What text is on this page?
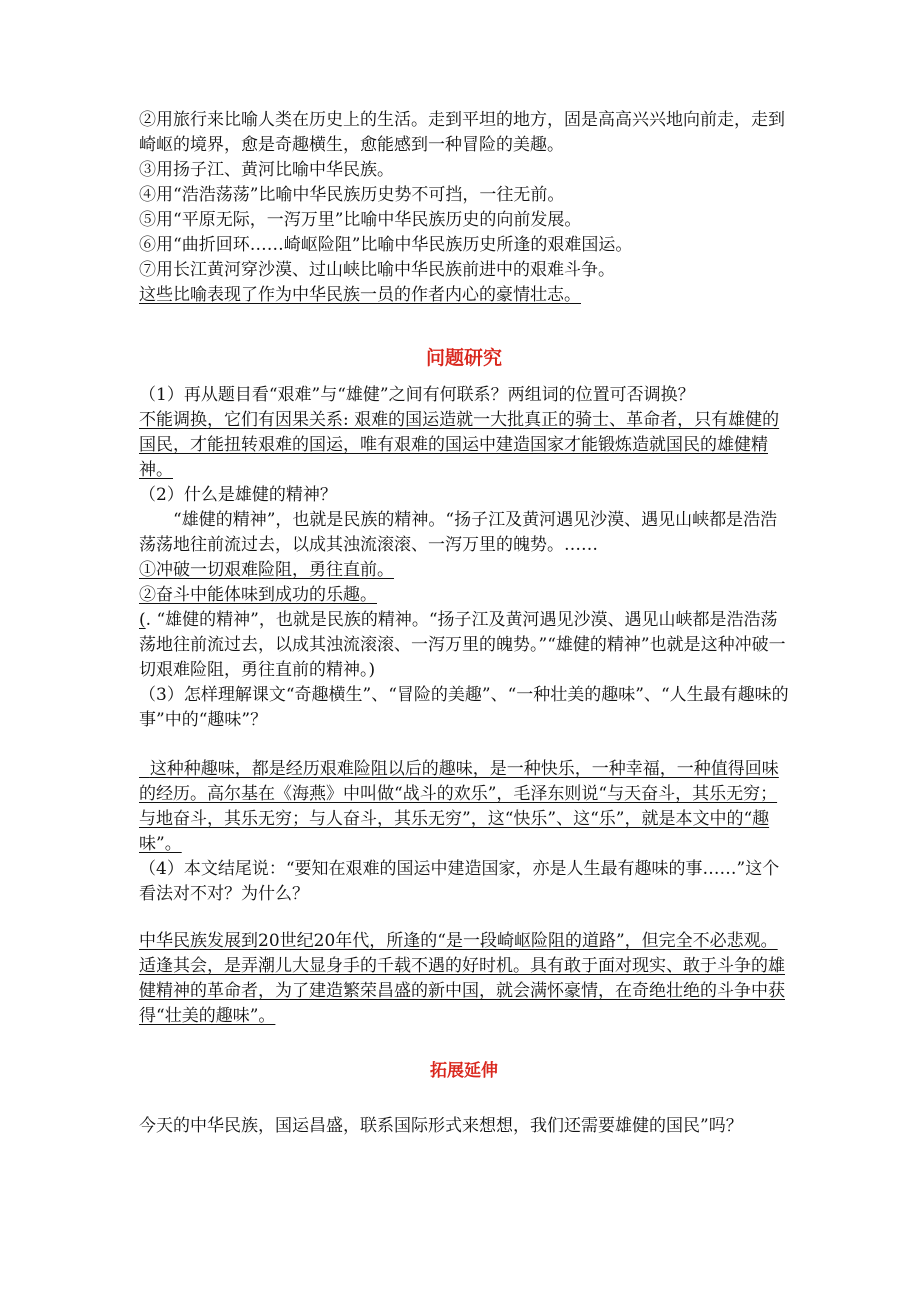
②用旅行来比喻人类在历史上的生活。走到平坦的地方，固是高高兴兴地向前走，走到崎岖的境界，愈是奇趣横生，愈能感到一种冒险的美趣。

③用扬子江、黄河比喻中华民族。

④用“浩浩荡荡”比喻中华民族历史势不可挡，一往无前。

⑤用“平原无际，一泻万里”比喻中华民族历史的向前发展。

⑥用“曲折回环……崎岖险阻”比喻中华民族历史所逢的艰难国运。

⑦用长江黄河穿沙漠、过山峡比喻中华民族前进中的艰难斗争。

这些比喻表现了作为中华民族一员的作者内心的豪情壮志。

问题研究

（1）再从题目看“艰难”与“雄健”之间有何联系？两组词的位置可否调换？

不能调换，它们有因果关系: 艰难的国运造就一大批真正的骑士、革命者，只有雄健的国民，才能扭转艰难的国运，唯有艰难的国运中建造国家才能锻炼造就国民的雄健精神。

（2）什么是雄健的精神？

“雄健的精神”，也就是民族的精神。“扬子江及黄河遇见沙漠、遇见山峡都是浩浩荡荡地往前流过去，以成其浊流滚滚、一泻万里的魄势。……

①冲破一切艰难险阻，勇往直前。

②奋斗中能体味到成功的乐趣。

(. “雄健的精神”，也就是民族的精神。“扬子江及黄河遇见沙漠、遇见山峡都是浩浩荡荡地往前流过去，以成其浊流滚滚、一泻万里的魄势。”“雄健的精神”也就是这种冲破一切艰难险阻，勇往直前的精神。)

（3）怎样理解课文“奇趣横生”、“冒险的美趣”、“一种壮美的趣味”、“人生最有趣味的事”中的“趣味”？

这种种趣味，都是经历艰难险阻以后的趣味，是一种快乐，一种幸福，一种值得回味的经历。高尔基在《海燕》中叫做“战斗的欢乐”，毛泽东则说“与天奋斗，其乐无穷；与地奋斗，其乐无穷；与人奋斗，其乐无穷”，这“快乐”、这“乐”，就是本文中的“趣味”。

（4）本文结尾说：“要知在艰难的国运中建造国家，亦是人生最有趣味的事……”这个看法对不对？为什么？

中华民族发展到20世纪20年代，所逢的“是一段崎岖险阻的道路”，但完全不必悲观。适逢其会，是弄潮儿大显身手的千载不遇的好时机。具有敢于面对现实、敢于斗争的雄健精神的革命者，为了建造繁荣昌盛的新中国，就会满怀豪情，在奇绝壮绝的斗争中获得“壮美的趣味”。

拓展延伸

今天的中华民族，国运昌盛，联系国际形式来想想，我们还需要雄健的国民”吗？
